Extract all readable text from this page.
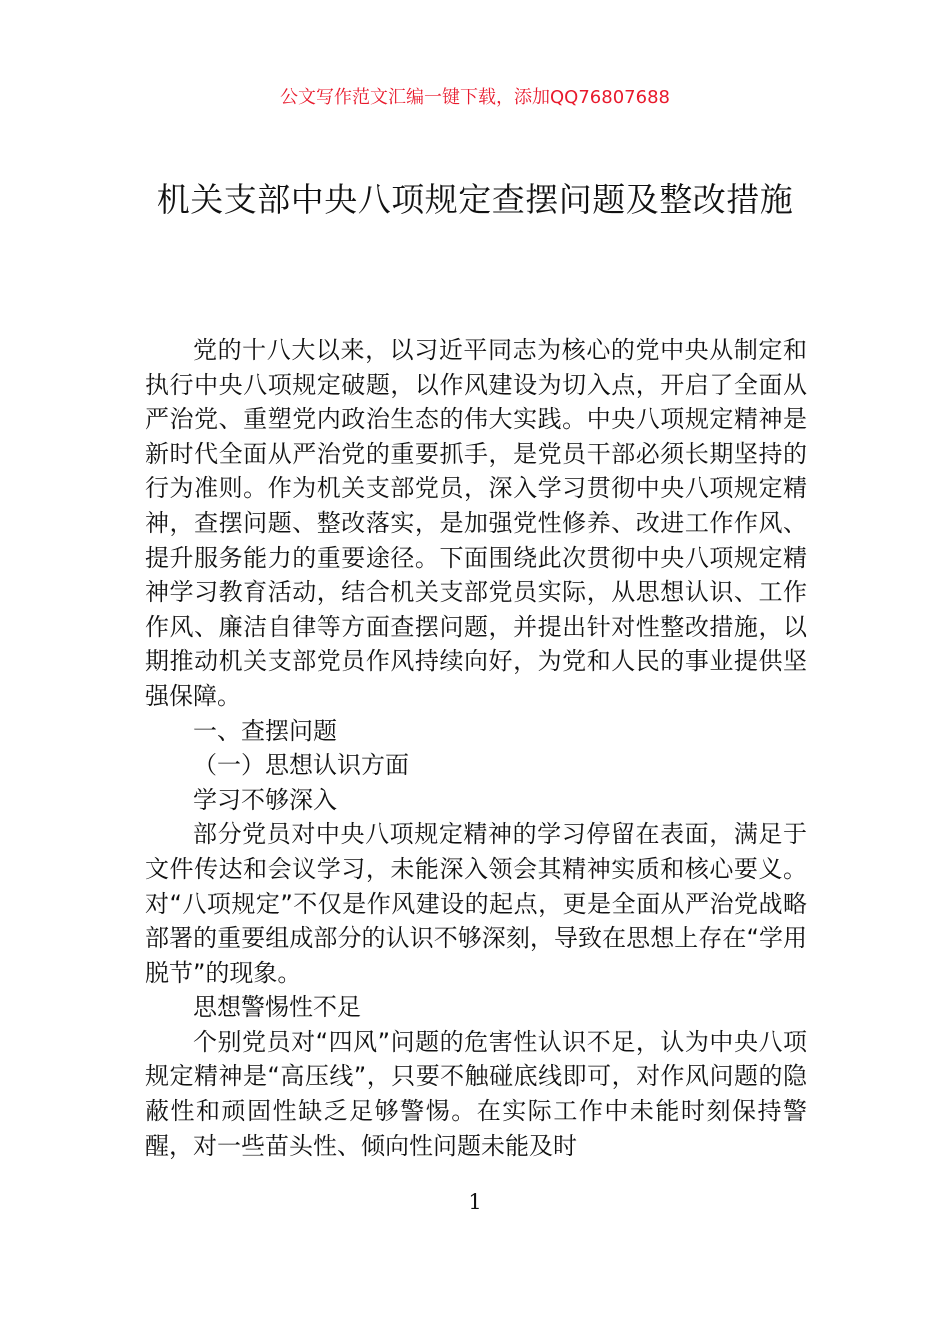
公文写作范文汇编一键下载，添加QQ76807688
机关支部中央八项规定查摆问题及整改措施

党的十八大以来，以习近平同志为核心的党中央从制定和执行中央八项规定破题，以作风建设为切入点，开启了全面从严治党、重塑党内政治生态的伟大实践。中央八项规定精神是新时代全面从严治党的重要抓手，是党员干部必须长期坚持的行为准则。作为机关支部党员，深入学习贯彻中央八项规定精神，查摆问题、整改落实，是加强党性修养、改进工作作风、提升服务能力的重要途径。下面围绕此次贯彻中央八项规定精神学习教育活动，结合机关支部党员实际，从思想认识、工作作风、廉洁自律等方面查摆问题，并提出针对性整改措施，以期推动机关支部党员作风持续向好，为党和人民的事业提供坚强保障。

一、查摆问题

（一）思想认识方面

学习不够深入

部分党员对中央八项规定精神的学习停留在表面，满足于文件传达和会议学习，未能深入领会其精神实质和核心要义。对“八项规定”不仅是作风建设的起点，更是全面从严治党战略部署的重要组成部分的认识不够深刻，导致在思想上存在“学用脱节”的现象。

思想警惕性不足

个别党员对“四风”问题的危害性认识不足，认为中央八项规定精神是“高压线”，只要不触碰底线即可，对作风问题的隐蔽性和顽固性缺乏足够警惕。在实际工作中未能时刻保持警醒，对一些苗头性、倾向性问题未能及时

1
